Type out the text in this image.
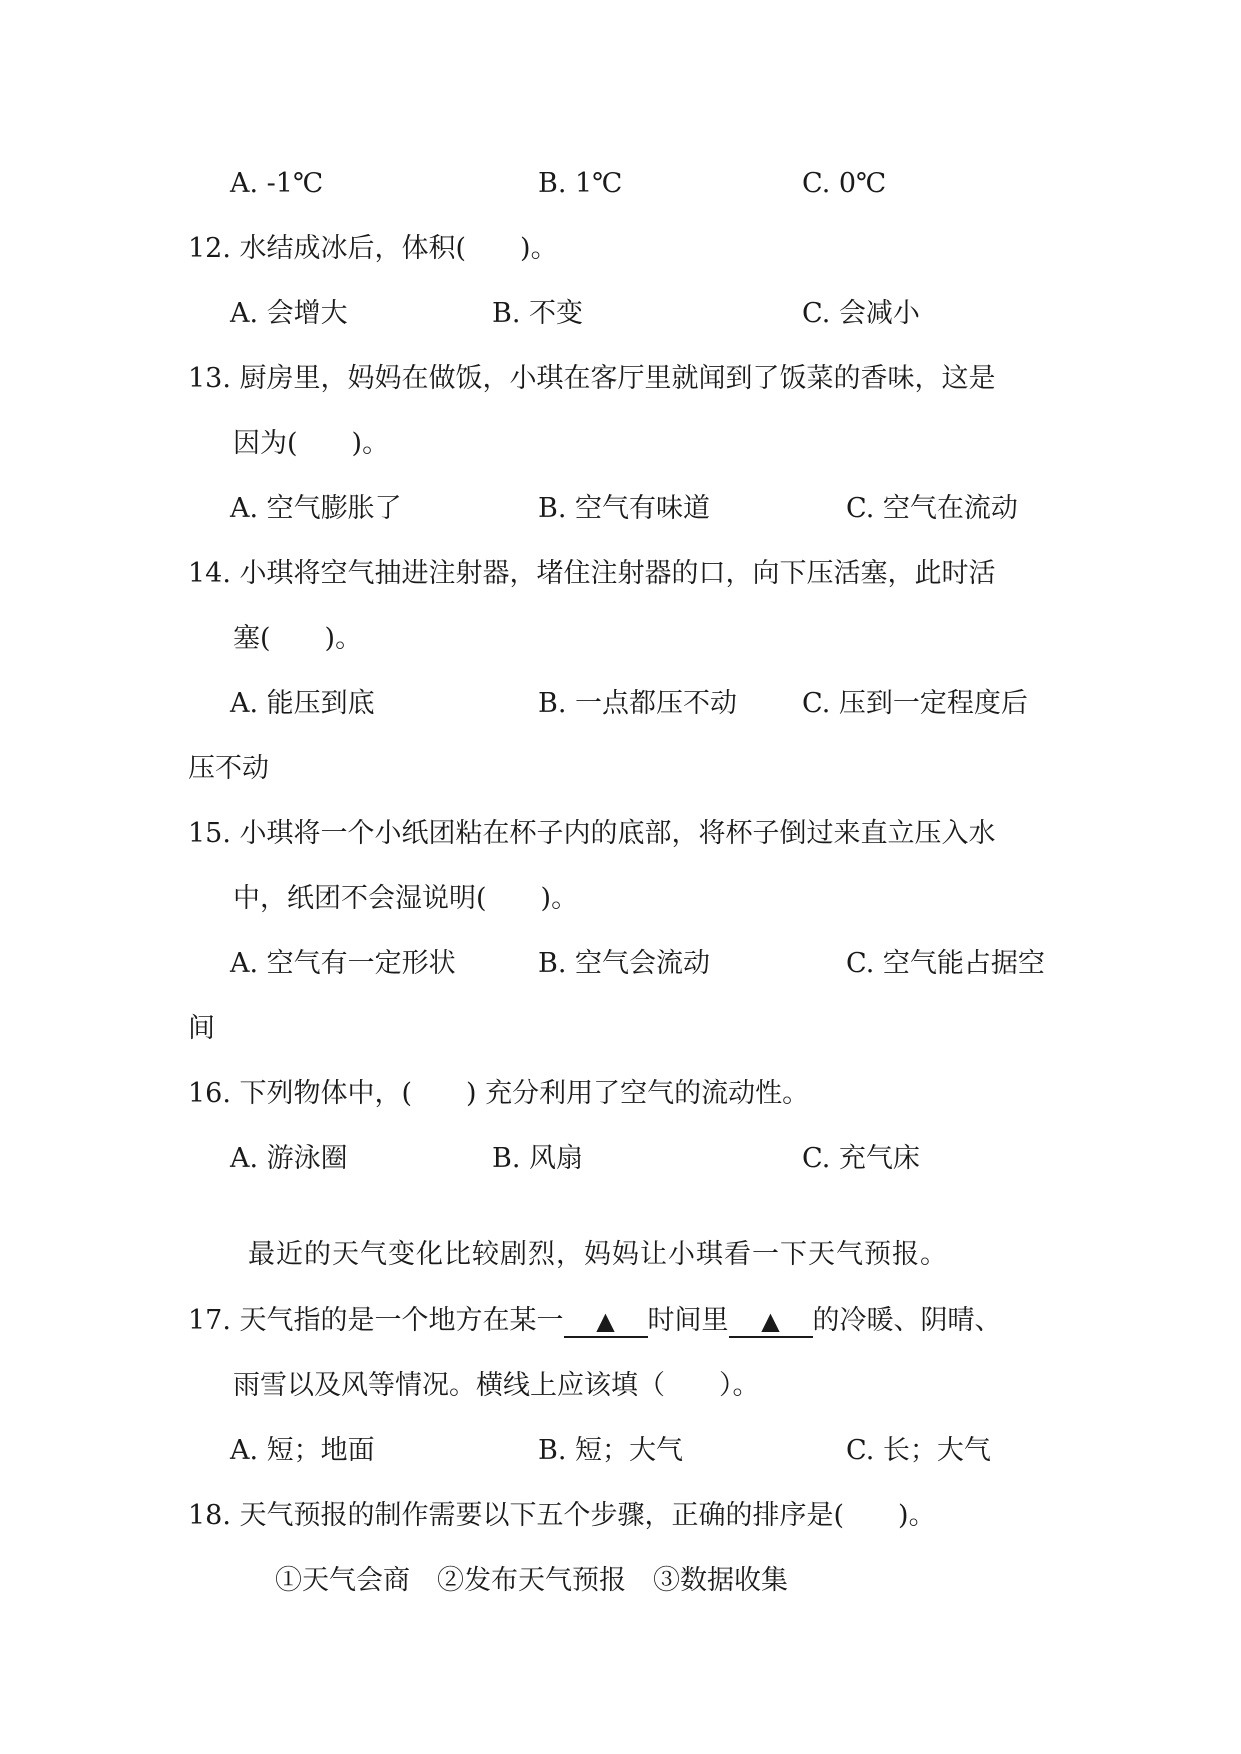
A. -1℃	B. 1℃	C. 0℃
12. 水结成冰后，体积(　　)。
A. 会增大	B. 不变	C. 会减小
13. 厨房里，妈妈在做饭，小琪在客厅里就闻到了饭菜的香味，这是
因为(　　)。
A. 空气膨胀了	B. 空气有味道	C. 空气在流动
14. 小琪将空气抽进注射器，堵住注射器的口，向下压活塞，此时活
塞(　　)。
A. 能压到底	B. 一点都压不动 C. 压到一定程度后
压不动
15. 小琪将一个小纸团粘在杯子内的底部，将杯子倒过来直立压入水
中，纸团不会湿说明(　　)。
A. 空气有一定形状	B. 空气会流动	C. 空气能占据空
间
16. 下列物体中，(　　) 充分利用了空气的流动性。
A. 游泳圈	B. 风扇	C. 充气床
最近的天气变化比较剧烈，妈妈让小琪看一下天气预报。
17. 天气指的是一个地方在某一 ▲ 时间里 ▲ 的冷暖、阴晴、
雨雪以及风等情况。横线上应该填（　　）。
A. 短；地面	B. 短；大气	C. 长；大气
18. 天气预报的制作需要以下五个步骤，正确的排序是(　　)。
①天气会商　②发布天气预报　③数据收集
